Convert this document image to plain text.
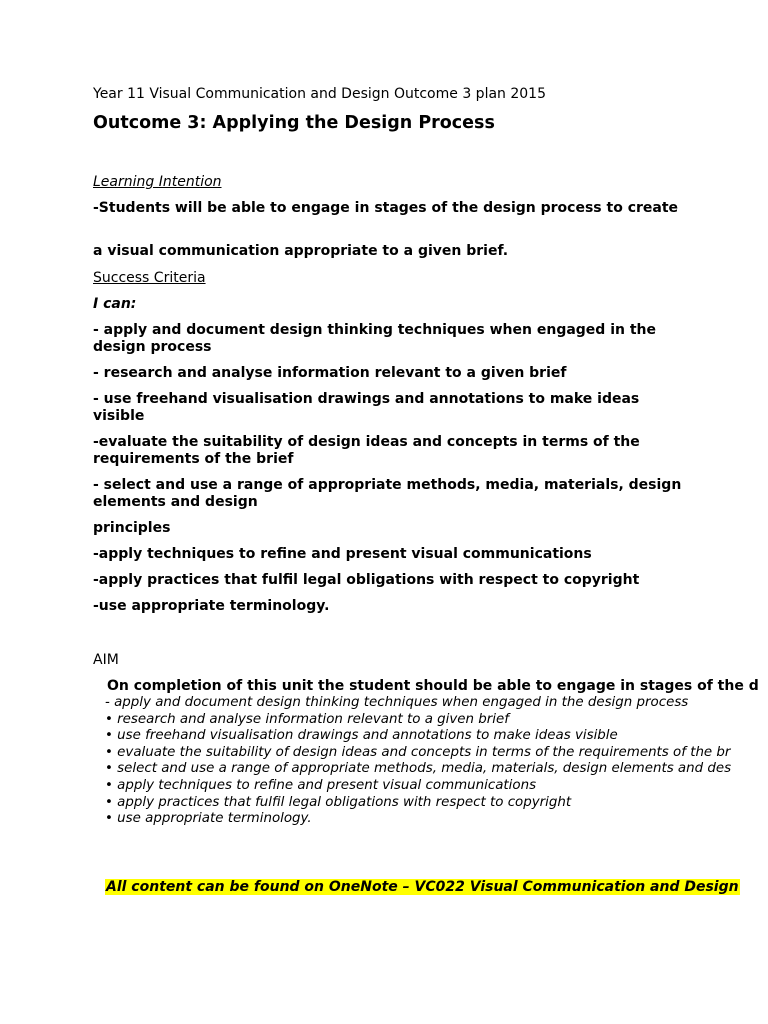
Year 11 Visual Communication and Design Outcome 3 plan 2015
Outcome 3: Applying the Design Process
Learning Intention
-Students will be able to engage in stages of the design process to create
a visual communication appropriate to a given brief.
Success Criteria
I can:
- apply and document design thinking techniques when engaged in the design process
- research and analyse information relevant to a given brief
- use freehand visualisation drawings and annotations to make ideas visible
-evaluate the suitability of design ideas and concepts in terms of the requirements of the brief
- select and use a range of appropriate methods, media, materials, design elements and design
principles
-apply techniques to refine and present visual communications
-apply practices that fulfil legal obligations with respect to copyright
-use appropriate terminology.
AIM
On completion of this unit the student should be able to engage in stages of the d
- apply and document design thinking techniques when engaged in the design process
• research and analyse information relevant to a given brief
• use freehand visualisation drawings and annotations to make ideas visible
• evaluate the suitability of design ideas and concepts in terms of the requirements of the br
• select and use a range of appropriate methods, media, materials, design elements and des
• apply techniques to refine and present visual communications
• apply practices that fulfil legal obligations with respect to copyright
• use appropriate terminology.
All content can be found on OneNote – VC022 Visual Communication and Design
